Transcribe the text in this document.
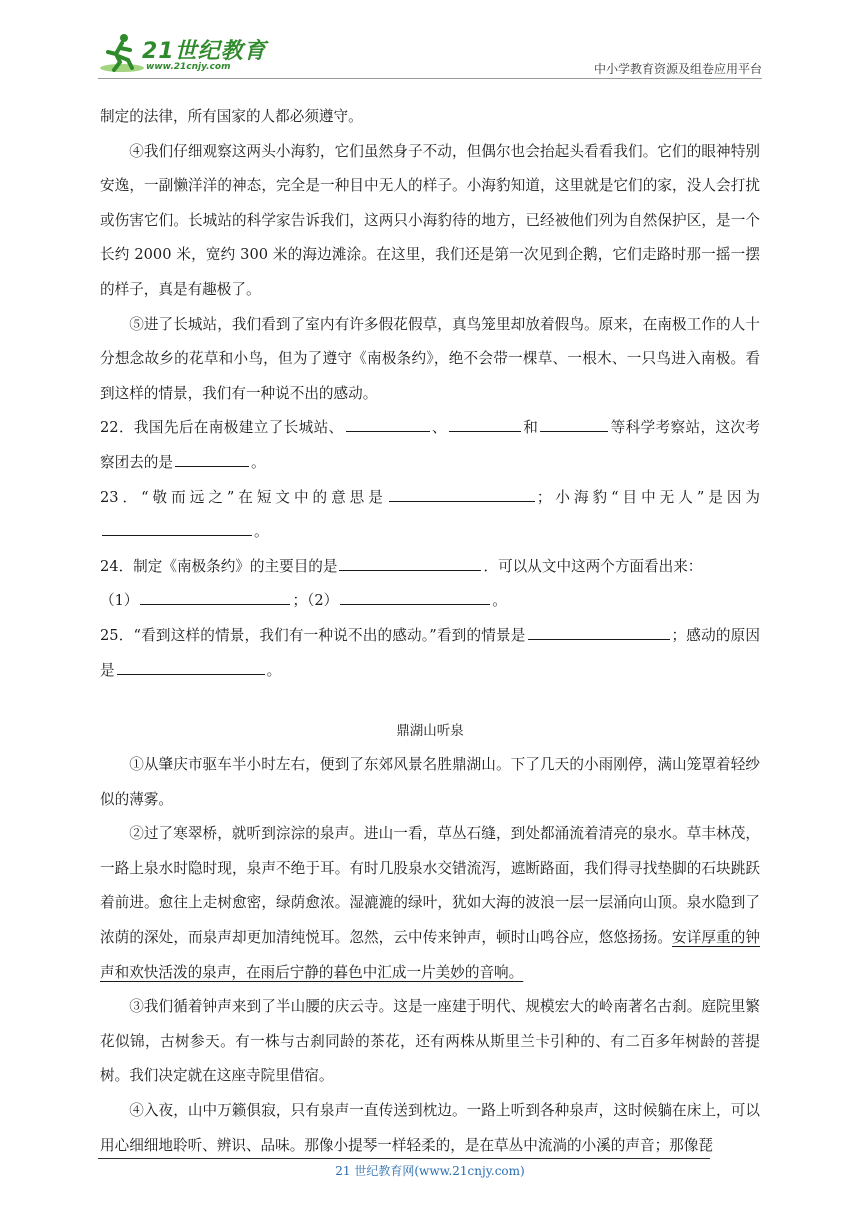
21世纪教育
www.21cnjy.com	中小学教育资源及组卷应用平台

制定的法律，所有国家的人都必须遵守。

④我们仔细观察这两头小海豹，它们虽然身子不动，但偶尔也会抬起头看看我们。它们的眼神特别安逸，一副懒洋洋的神态，完全是一种目中无人的样子。小海豹知道，这里就是它们的家，没人会打扰或伤害它们。长城站的科学家告诉我们，这两只小海豹待的地方，已经被他们列为自然保护区，是一个长约 2000 米，宽约 300 米的海边滩涂。在这里，我们还是第一次见到企鹅，它们走路时那一摇一摆的样子，真是有趣极了。

⑤进了长城站，我们看到了室内有许多假花假草，真鸟笼里却放着假鸟。原来，在南极工作的人十分想念故乡的花草和小鸟，但为了遵守《南极条约》，绝不会带一棵草、一根木、一只鸟进入南极。看到这样的情景，我们有一种说不出的感动。

22．我国先后在南极建立了长城站、	、	和	等科学考察站，这次考察团去的是	。

23．“敬而远之”在短文中的意思是	；小海豹“目中无人”是因为。

24．制定《南极条约》的主要目的是	．可以从文中这两个方面看出来：
（1）	；（2）	。

25．“看到这样的情景，我们有一种说不出的感动。”看到的情景是	；感动的原因是	。

鼎湖山听泉

①从肇庆市驱车半小时左右，便到了东郊风景名胜鼎湖山。下了几天的小雨刚停，满山笼罩着轻纱似的薄雾。

②过了寒翠桥，就听到淙淙的泉声。进山一看，草丛石缝，到处都涌流着清亮的泉水。草丰林茂，一路上泉水时隐时现，泉声不绝于耳。有时几股泉水交错流泻，遮断路面，我们得寻找垫脚的石块跳跃着前进。愈往上走树愈密，绿荫愈浓。湿漉漉的绿叶，犹如大海的波浪一层一层涌向山顶。泉水隐到了浓荫的深处，而泉声却更加清纯悦耳。忽然，云中传来钟声，顿时山鸣谷应，悠悠扬扬。安详厚重的钟声和欢快活泼的泉声，在雨后宁静的暮色中汇成一片美妙的音响。

③我们循着钟声来到了半山腰的庆云寺。这是一座建于明代、规模宏大的岭南著名古刹。庭院里繁花似锦，古树参天。有一株与古刹同龄的茶花，还有两株从斯里兰卡引种的、有二百多年树龄的菩提树。我们决定就在这座寺院里借宿。

④入夜，山中万籁俱寂，只有泉声一直传送到枕边。一路上听到各种泉声，这时候躺在床上，可以用心细细地聆听、辨识、品味。那像小提琴一样轻柔的，是在草丛中流淌的小溪的声音；那像琵

21 世纪教育网(www.21cnjy.com)
